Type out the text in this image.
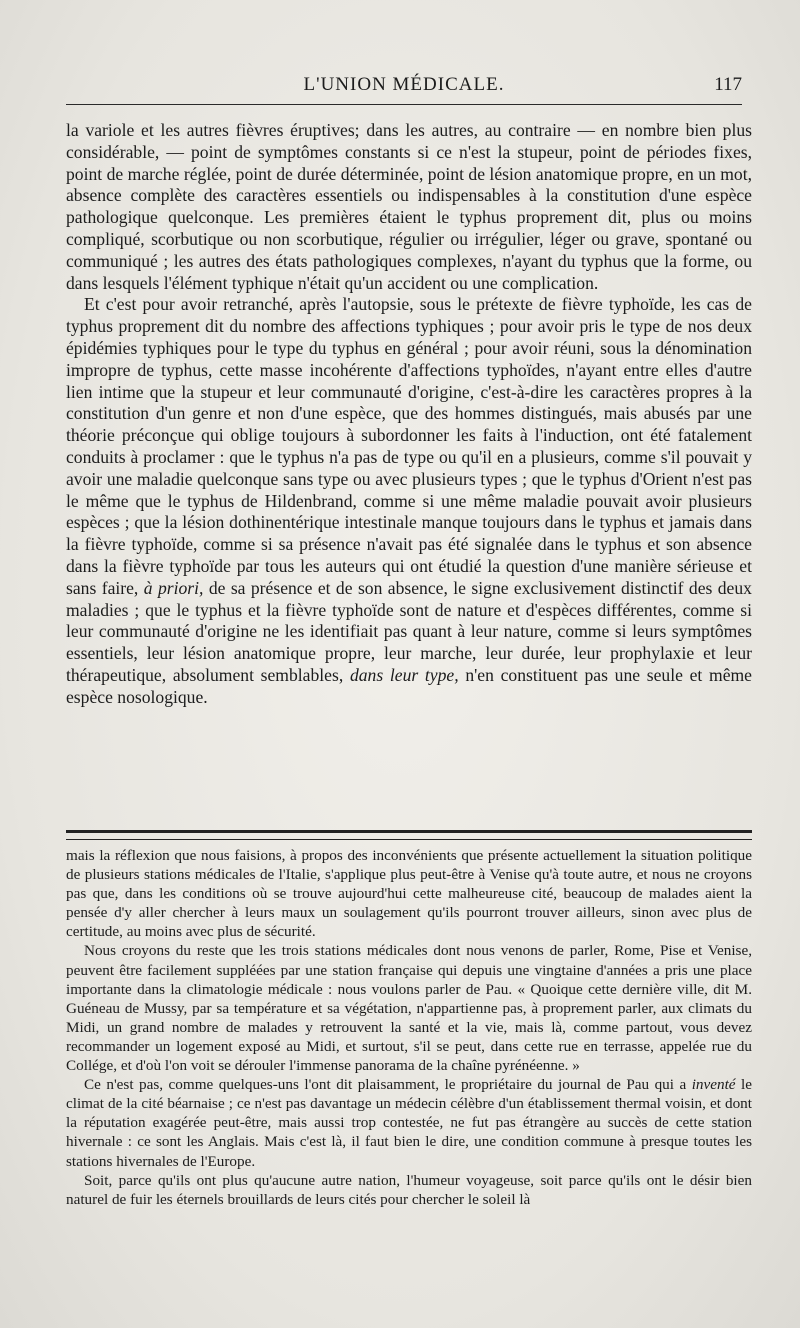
L'UNION MÉDICALE.	117

la variole et les autres fièvres éruptives; dans les autres, au contraire — en nombre bien plus considérable, — point de symptômes constants si ce n'est la stupeur, point de périodes fixes, point de marche réglée, point de durée déterminée, point de lésion anatomique propre, en un mot, absence complète des caractères essentiels ou indispensables à la constitution d'une espèce pathologique quelconque. Les premières étaient le typhus proprement dit, plus ou moins compliqué, scorbutique ou non scorbutique, régulier ou irrégulier, léger ou grave, spontané ou communiqué ; les autres des états pathologiques complexes, n'ayant du typhus que la forme, ou dans lesquels l'élément typhique n'était qu'un accident ou une complication.

Et c'est pour avoir retranché, après l'autopsie, sous le prétexte de fièvre typhoïde, les cas de typhus proprement dit du nombre des affections typhiques ; pour avoir pris le type de nos deux épidémies typhiques pour le type du typhus en général ; pour avoir réuni, sous la dénomination impropre de typhus, cette masse incohérente d'affections typhoïdes, n'ayant entre elles d'autre lien intime que la stupeur et leur communauté d'origine, c'est-à-dire les caractères propres à la constitution d'un genre et non d'une espèce, que des hommes distingués, mais abusés par une théorie préconçue qui oblige toujours à subordonner les faits à l'induction, ont été fatalement conduits à proclamer : que le typhus n'a pas de type ou qu'il en a plusieurs, comme s'il pouvait y avoir une maladie quelconque sans type ou avec plusieurs types ; que le typhus d'Orient n'est pas le même que le typhus de Hildenbrand, comme si une même maladie pouvait avoir plusieurs espèces ; que la lésion dothinentérique intestinale manque toujours dans le typhus et jamais dans la fièvre typhoïde, comme si sa présence n'avait pas été signalée dans le typhus et son absence dans la fièvre typhoïde par tous les auteurs qui ont étudié la question d'une manière sérieuse et sans faire, à priori, de sa présence et de son absence, le signe exclusivement distinctif des deux maladies ; que le typhus et la fièvre typhoïde sont de nature et d'espèces différentes, comme si leur communauté d'origine ne les identifiait pas quant à leur nature, comme si leurs symptômes essentiels, leur lésion anatomique propre, leur marche, leur durée, leur prophylaxie et leur thérapeutique, absolument semblables, dans leur type, n'en constituent pas une seule et même espèce nosologique.

mais la réflexion que nous faisions, à propos des inconvénients que présente actuellement la situation politique de plusieurs stations médicales de l'Italie, s'applique plus peut-être à Venise qu'à toute autre, et nous ne croyons pas que, dans les conditions où se trouve aujourd'hui cette malheureuse cité, beaucoup de malades aient la pensée d'y aller chercher à leurs maux un soulagement qu'ils pourront trouver ailleurs, sinon avec plus de certitude, au moins avec plus de sécurité.

Nous croyons du reste que les trois stations médicales dont nous venons de parler, Rome, Pise et Venise, peuvent être facilement suppléées par une station française qui depuis une vingtaine d'années a pris une place importante dans la climatologie médicale : nous voulons parler de Pau. « Quoique cette dernière ville, dit M. Guéneau de Mussy, par sa température et sa végétation, n'appartienne pas, à proprement parler, aux climats du Midi, un grand nombre de malades y retrouvent la santé et la vie, mais là, comme partout, vous devez recommander un logement exposé au Midi, et surtout, s'il se peut, dans cette rue en terrasse, appelée rue du Collége, et d'où l'on voit se dérouler l'immense panorama de la chaîne pyrénéenne. »

Ce n'est pas, comme quelques-uns l'ont dit plaisamment, le propriétaire du journal de Pau qui a inventé le climat de la cité béarnaise ; ce n'est pas davantage un médecin célèbre d'un établissement thermal voisin, et dont la réputation exagérée peut-être, mais aussi trop contestée, ne fut pas étrangère au succès de cette station hivernale : ce sont les Anglais. Mais c'est là, il faut bien le dire, une condition commune à presque toutes les stations hivernales de l'Europe.

Soit, parce qu'ils ont plus qu'aucune autre nation, l'humeur voyageuse, soit parce qu'ils ont le désir bien naturel de fuir les éternels brouillards de leurs cités pour chercher le soleil là
